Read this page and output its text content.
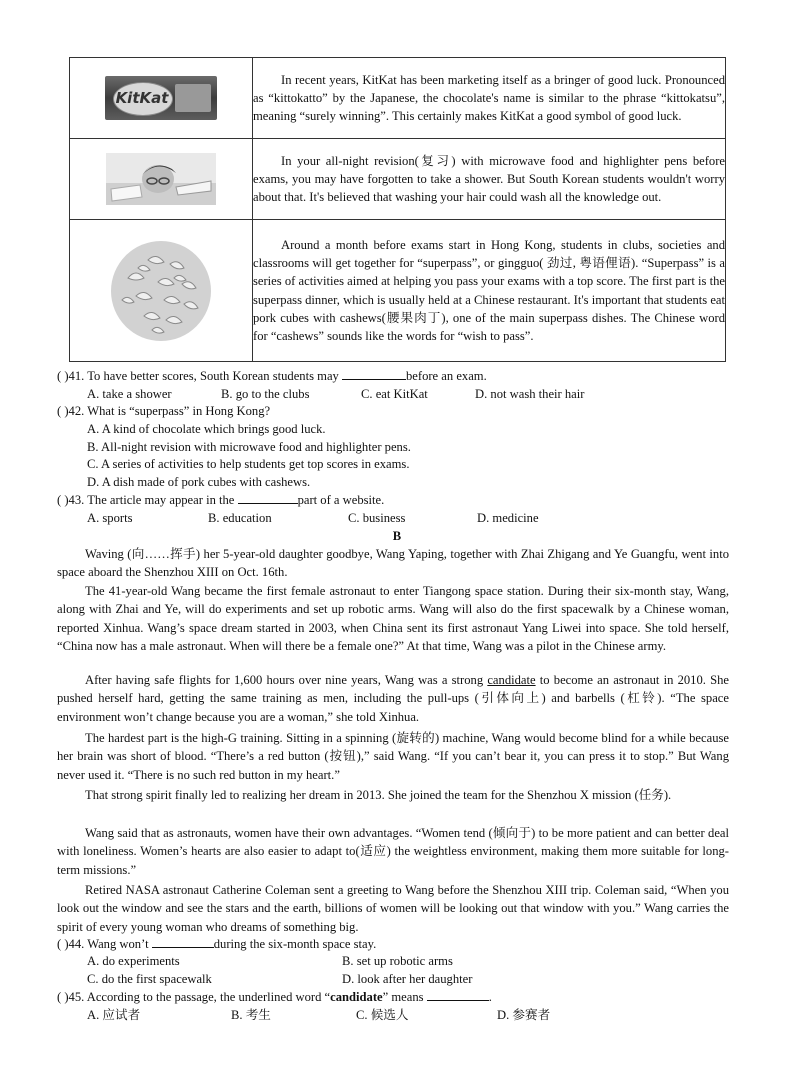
KitKat	In recent years, KitKat has been marketing itself as a bringer of good luck. Pronounced as “kittokatto” by the Japanese, the chocolate's name is similar to the phrase “kittokatsu”, meaning “surely winning”. This certainly makes KitKat a good symbol of good luck.

	In your all-night revision(复习) with microwave food and highlighter pens before exams, you may have forgotten to take a shower. But South Korean students wouldn't worry about that. It's believed that washing your hair could wash all the knowledge out.

	Around a month before exams start in Hong Kong, students in clubs, societies and classrooms will get together for “superpass”, or gingguo( 劲过, 粤语俚语). “Superpass” is a series of activities aimed at helping you pass your exams with a top score. The first part is the superpass dinner, which is usually held at a Chinese restaurant. It's important that students eat pork cubes with cashews(腰果肉丁), one of the main superpass dishes. The Chinese word for “cashews” sounds like the words for “wish to pass”.
( )41. To have better scores, South Korean students may	before an exam.
A. take a shower	B. go to the clubs	C. eat KitKat	D. not wash their hair
( )42. What is “superpass” in Hong Kong?
A. A kind of chocolate which brings good luck.
B. All-night revision with microwave food and highlighter pens.
C. A series of activities to help students get top scores in exams.
D. A dish made of pork cubes with cashews.
( )43. The article may appear in the	part of a website.
A. sports	B. education	C. business	D. medicine
B
Waving (向……挥手) her 5-year-old daughter goodbye, Wang Yaping, together with Zhai Zhigang and Ye Guangfu, went into space aboard the Shenzhou XIII on Oct. 16th.
The 41-year-old Wang became the first female astronaut to enter Tiangong space station. During their six-month stay, Wang, along with Zhai and Ye, will do experiments and set up robotic arms. Wang will also do the first spacewalk by a Chinese woman, reported Xinhua. Wang’s space dream started in 2003, when China sent its first astronaut Yang Liwei into space. She told herself, “China now has a male astronaut. When will there be a female one?” At that time, Wang was a pilot in the Chinese army.
After having safe flights for 1,600 hours over nine years, Wang was a strong candidate to become an astronaut in 2010. She pushed herself hard, getting the same training as men, including the pull-ups (引体向上) and barbells (杠铃). “The space environment won’t change because you are a woman,” she told Xinhua.
The hardest part is the high-G training. Sitting in a spinning (旋转的) machine, Wang would become blind for a while because her brain was short of blood. “There’s a red button (按钮),” said Wang. “If you can’t bear it, you can press it to stop.” But Wang never used it. “There is no such red button in my heart.”
That strong spirit finally led to realizing her dream in 2013. She joined the team for the Shenzhou X mission (任务).
Wang said that as astronauts, women have their own advantages. “Women tend (倾向于) to be more patient and can better deal with loneliness. Women’s hearts are also easier to adapt to(适应) the weightless environment, making them more suitable for long-term missions.”
Retired NASA astronaut Catherine Coleman sent a greeting to Wang before the Shenzhou XIII trip. Coleman said, “When you look out the window and see the stars and the earth, billions of women will be looking out that window with you.” Wang carries the spirit of every young woman who dreams of something big.
( )44. Wang won’t	during the six-month space stay.
A. do experiments	B. set up robotic arms
C. do the first spacewalk	D. look after her daughter
( )45. According to the passage, the underlined word “candidate” means	.
A. 应试者	B. 考生	C. 候选人	D. 参赛者
